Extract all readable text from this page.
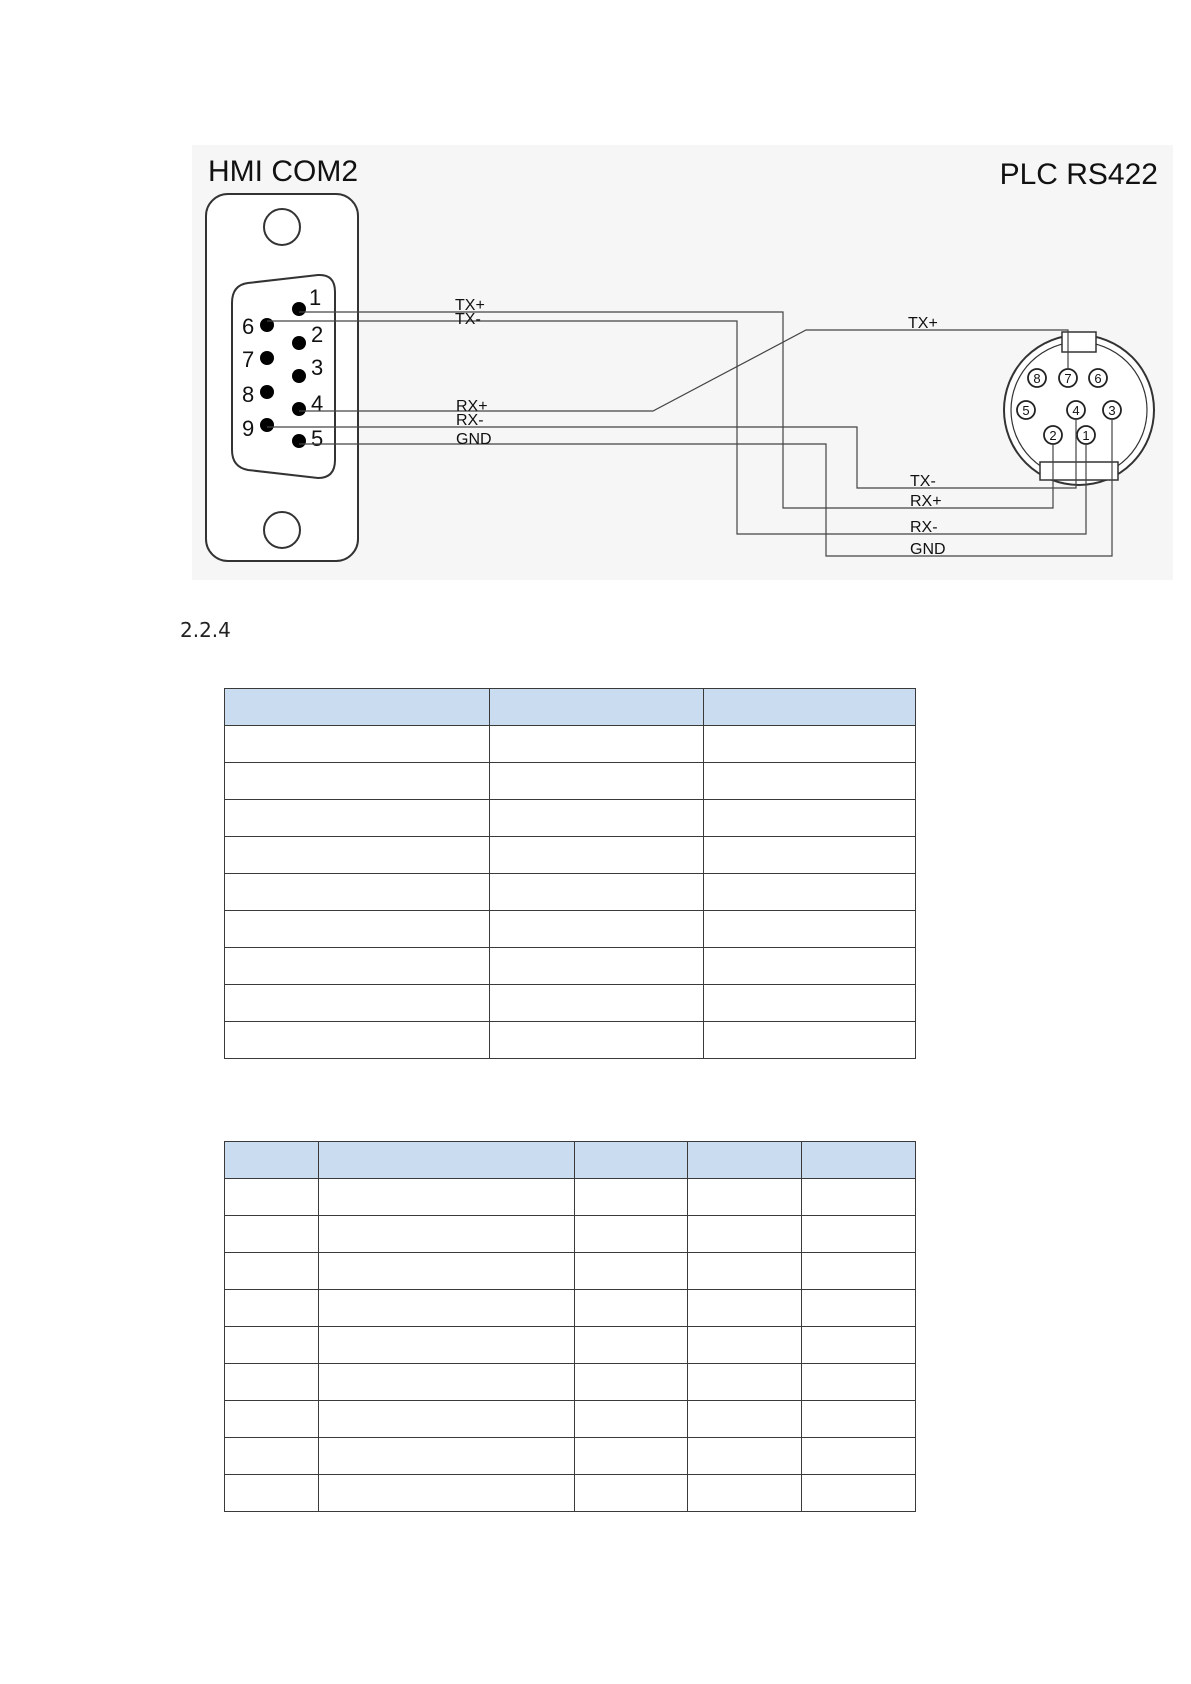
HMI COM2	PLC RS422
1
2
3
4
5
6
7
8
9
8 7 6
5	4 3
2 1
TX+
TX-
RX+
RX-
GND
TX+
TX-
RX+
RX-
GND
2.2.4
